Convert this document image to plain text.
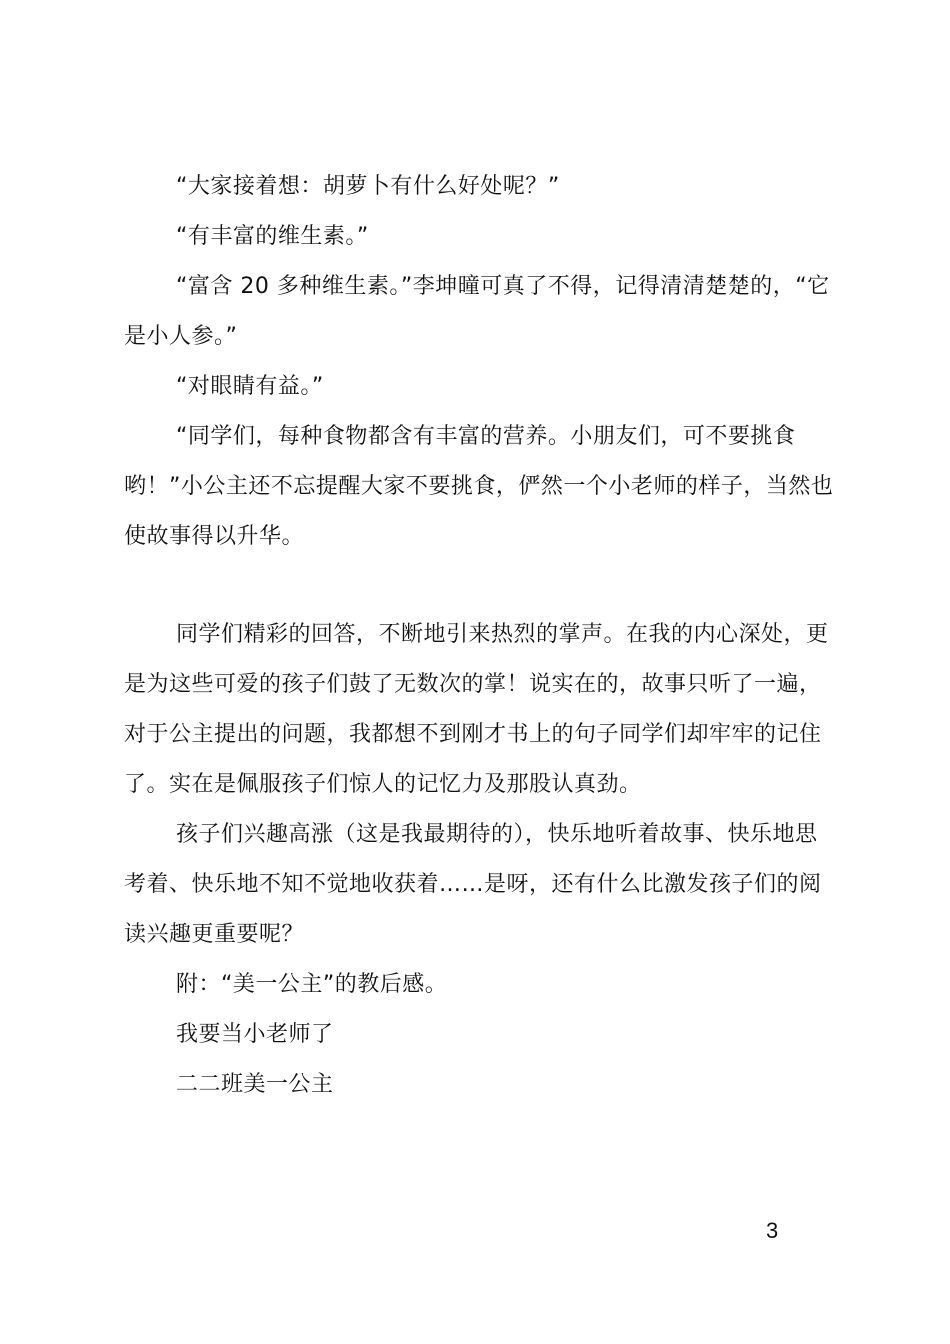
“大家接着想：胡萝卜有什么好处呢？”

“有丰富的维生素。”

“富含 20 多种维生素。”李坤曈可真了不得，记得清清楚楚的，“它是小人参。”

“对眼睛有益。”

“同学们，每种食物都含有丰富的营养。小朋友们，可不要挑食哟！”小公主还不忘提醒大家不要挑食，俨然一个小老师的样子，当然也使故事得以升华。

同学们精彩的回答，不断地引来热烈的掌声。在我的内心深处，更是为这些可爱的孩子们鼓了无数次的掌！说实在的，故事只听了一遍，对于公主提出的问题，我都想不到刚才书上的句子同学们却牢牢的记住了。实在是佩服孩子们惊人的记忆力及那股认真劲。

孩子们兴趣高涨（这是我最期待的），快乐地听着故事、快乐地思考着、快乐地不知不觉地收获着……是呀，还有什么比激发孩子们的阅读兴趣更重要呢？

附：“美一公主”的教后感。

我要当小老师了

二二班美一公主

3
